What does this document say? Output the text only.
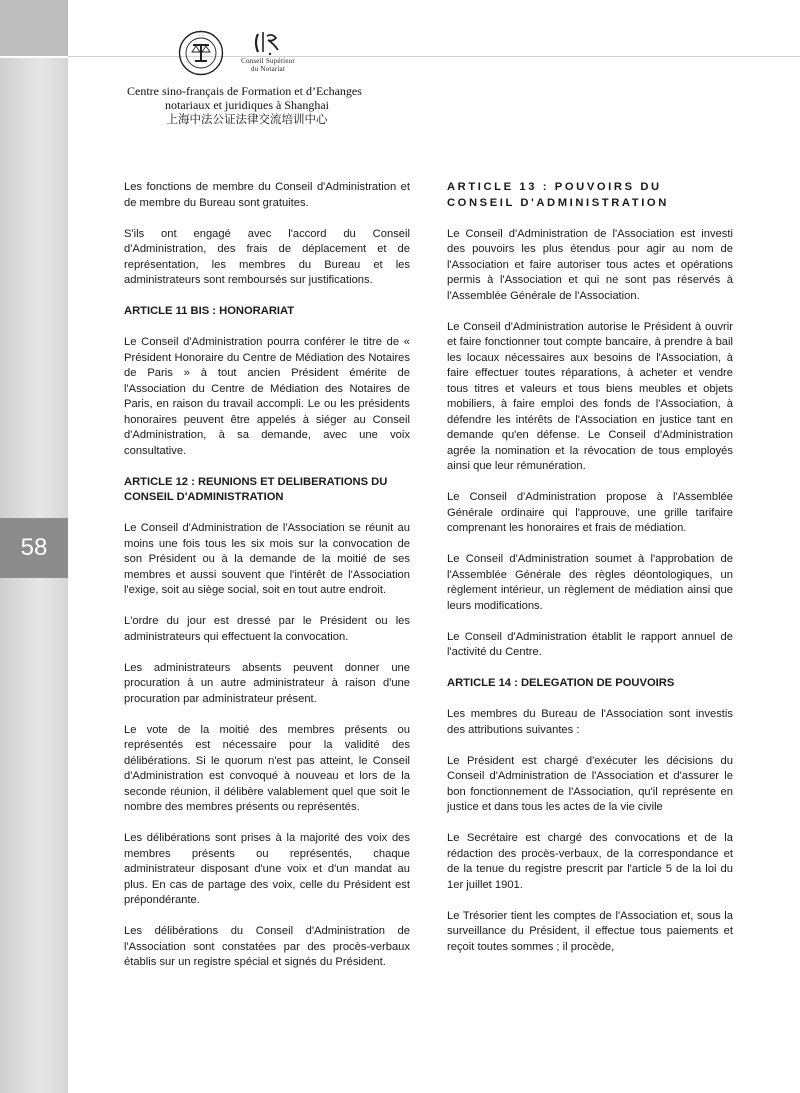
58
· · · ·
Conseil Supérieur
du Notariat
Centre sino-français de Formation et d’Echanges
notariaux et juridiques à Shanghai
上海中法公证法律交流培训中心

Les fonctions de membre du Conseil d'Administration et de membre du Bureau sont gratuites.

S'ils ont engagé avec l'accord du Conseil d'Administration, des frais de déplacement et de représentation, les membres du Bureau et les administrateurs sont remboursés sur justifications.

ARTICLE 11 BIS : HONORARIAT

Le Conseil d'Administration pourra conférer le titre de « Président Honoraire du Centre de Médiation des Notaires de Paris » à tout ancien Président émérite de l'Association du Centre de Médiation des Notaires de Paris, en raison du travail accompli. Le ou les présidents honoraires peuvent être appelés à siéger au Conseil d'Administration, à sa demande, avec une voix consultative.

ARTICLE 12 : REUNIONS ET DELIBERATIONS DU CONSEIL D'ADMINISTRATION

Le Conseil d'Administration de l'Association se réunit au moins une fois tous les six mois sur la convocation de son Président ou à la demande de la moitié de ses membres et aussi souvent que l'intérêt de l'Association l'exige, soit au siège social, soit en tout autre endroit.

L'ordre du jour est dressé par le Président ou les administrateurs qui effectuent la convocation.

Les administrateurs absents peuvent donner une procuration à un autre administrateur à raison d'une procuration par administrateur présent.

Le vote de la moitié des membres présents ou représentés est nécessaire pour la validité des délibérations. Si le quorum n'est pas atteint, le Conseil d'Administration est convoqué à nouveau et lors de la seconde réunion, il délibère valablement quel que soit le nombre des membres présents ou représentés.

Les délibérations sont prises à la majorité des voix des membres présents ou représentés, chaque administrateur disposant d'une voix et d'un mandat au plus. En cas de partage des voix, celle du Président est prépondérante.

Les délibérations du Conseil d'Administration de l'Association sont constatées par des procès-verbaux établis sur un registre spécial et signés du Président.

ARTICLE 13 : POUVOIRS DU CONSEIL D'ADMINISTRATION

Le Conseil d'Administration de l'Association est investi des pouvoirs les plus étendus pour agir au nom de l'Association et faire autoriser tous actes et opérations permis à l'Association et qui ne sont pas réservés à l'Assemblée Générale de l'Association.

Le Conseil d'Administration autorise le Président à ouvrir et faire fonctionner tout compte bancaire, à prendre à bail les locaux nécessaires aux besoins de l'Association, à faire effectuer toutes réparations, à acheter et vendre tous titres et valeurs et tous biens meubles et objets mobiliers, à faire emploi des fonds de l'Association, à défendre les intérêts de l'Association en justice tant en demande qu'en défense. Le Conseil d'Administration agrée la nomination et la révocation de tous employés ainsi que leur rémunération.

Le Conseil d'Administration propose à l'Assemblée Générale ordinaire qui l'approuve, une grille tarifaire comprenant les honoraires et frais de médiation.

Le Conseil d'Administration soumet à l'approbation de l'Assemblée Générale des règles déontologiques, un règlement intérieur, un règlement de médiation ainsi que leurs modifications.

Le Conseil d'Administration établit le rapport annuel de l'activité du Centre.

ARTICLE 14 : DELEGATION DE POUVOIRS

Les membres du Bureau de l'Association sont investis des attributions suivantes :

Le Président est chargé d'exécuter les décisions du Conseil d'Administration de l'Association et d'assurer le bon fonctionnement de l'Association, qu'il représente en justice et dans tous les actes de la vie civile

Le Secrétaire est chargé des convocations et de la rédaction des procès-verbaux, de la correspondance et de la tenue du registre prescrit par l'article 5 de la loi du 1er juillet 1901.

Le Trésorier tient les comptes de l'Association et, sous la surveillance du Président, il effectue tous paiements et reçoit toutes sommes ; il procède,
